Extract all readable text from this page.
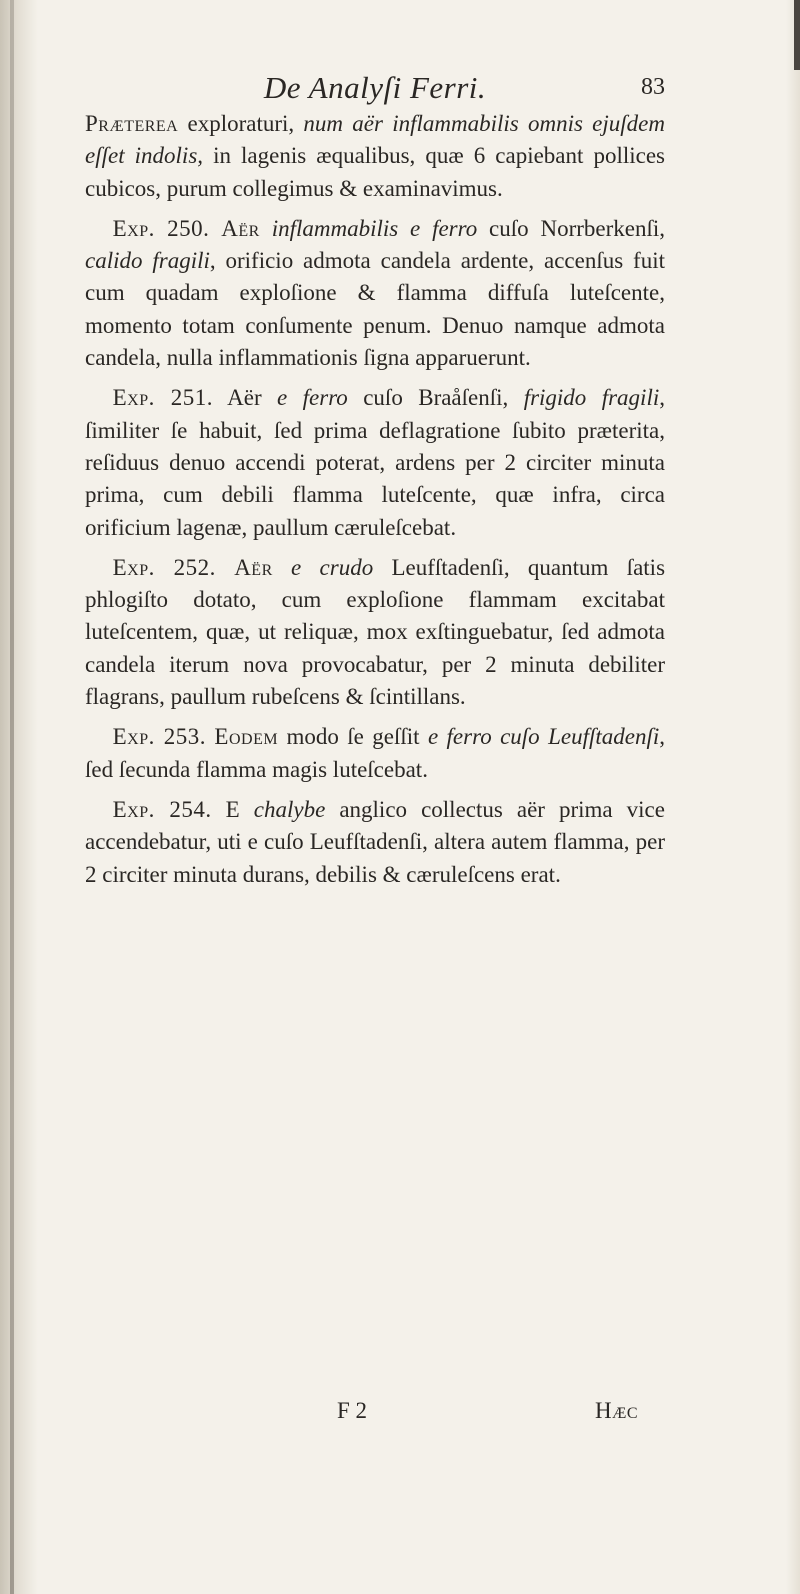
De Analyſi Ferri.	83

Præterea exploraturi, num aër inflammabilis omnis ejuſdem eſſet indolis, in lagenis æqualibus, quæ 6 capiebant pollices cubicos, purum collegimus & examinavimus.

Exp. 250. Aër inflammabilis e ferro cuſo Norrberkenſi, calido fragili, orificio admota candela ardente, accenſus fuit cum quadam exploſione & flamma diffuſa luteſcente, momento totam conſumente penum. Denuo namque admota candela, nulla inflammationis ſigna apparuerunt.

Exp. 251. Aër e ferro cuſo Braåſenſi, frigido fragili, ſimiliter ſe habuit, ſed prima deflagratione ſubito præterita, reſiduus denuo accendi poterat, ardens per 2 circiter minuta prima, cum debili flamma luteſcente, quæ infra, circa orificium lagenæ, paullum cæruleſcebat.

Exp. 252. Aër e crudo Leufſtadenſi, quantum ſatis phlogiſto dotato, cum exploſione flammam excitabat luteſcentem, quæ, ut reliquæ, mox exſtinguebatur, ſed admota candela iterum nova provocabatur, per 2 minuta debiliter flagrans, paullum rubeſcens & ſcintillans.

Exp. 253. Eodem modo ſe geſſit e ferro cuſo Leufſtadenſi, ſed ſecunda flamma magis luteſcebat.

Exp. 254. E chalybe anglico collectus aër prima vice accendebatur, uti e cuſo Leufſtadenſi, altera autem flamma, per 2 circiter minuta durans, debilis & cæruleſcens erat.

F 2	Hæc
